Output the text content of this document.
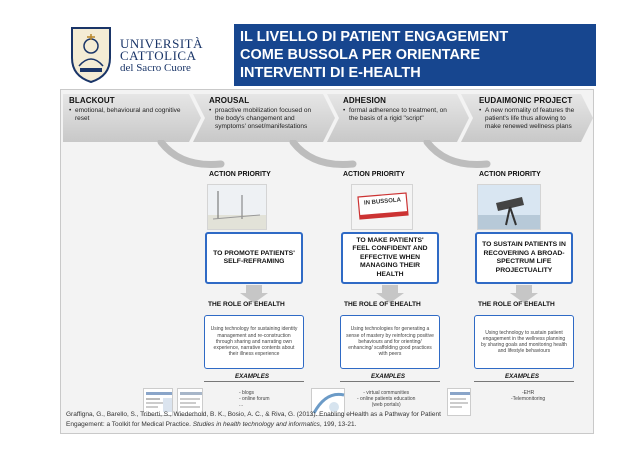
UNIVERSITÀ
CATTOLICA
del Sacro Cuore
IL LIVELLO DI PATIENT ENGAGEMENT
COME BUSSOLA PER ORIENTARE
INTERVENTI DI E-HEALTH
BLACKOUT
• emotional, behavioural and cognitive reset
AROUSAL
• proactive mobilization focused on the body's changement and symptoms' onset/manifestations
ADHESION
• formal adherence to treatment, on the basis of a rigid "script"
EUDAIMONIC PROJECT
• A new normality of features the patient's life thus allowing to make renewed wellness plans
ACTION PRIORITY	ACTION PRIORITY	ACTION PRIORITY
IN BUSSOLA
TO PROMOTE PATIENTS' SELF-REFRAMING
TO MAKE PATIENTS' FEEL CONFIDENT AND EFFECTIVE WHEN MANAGING THEIR HEALTH
TO SUSTAIN PATIENTS IN RECOVERING A BROAD-SPECTRUM LIFE PROJECTUALITY
THE ROLE OF EHEALTH	THE ROLE OF EHEALTH	THE ROLE OF EHEALTH
Using technology for sustaining identity management and re-construction through sharing and narrating own experience, narrative contents about their illness experience
Using technologies for generating a sense of mastery by reinforcing positive behaviours and for orienting/ enhancing/ scaffolding good practices with peers
Using technology to sustain patient engagement in the wellness planning by sharing goals and monitoring health and lifestyle behaviours
EXAMPLES	EXAMPLES	EXAMPLES
- blogs
- online forum
...
- virtual communities
- online patients education
(web portals)
-EHR
-Telemonitoring
Graffigna, G., Barello, S., Triberti, S., Wiederhold, B. K., Bosio, A. C., & Riva, G. (2013). Enabling eHealth as a Pathway for Patient
Engagement: a Toolkit for Medical Practice. Studies in health technology and informatics, 199, 13-21.
